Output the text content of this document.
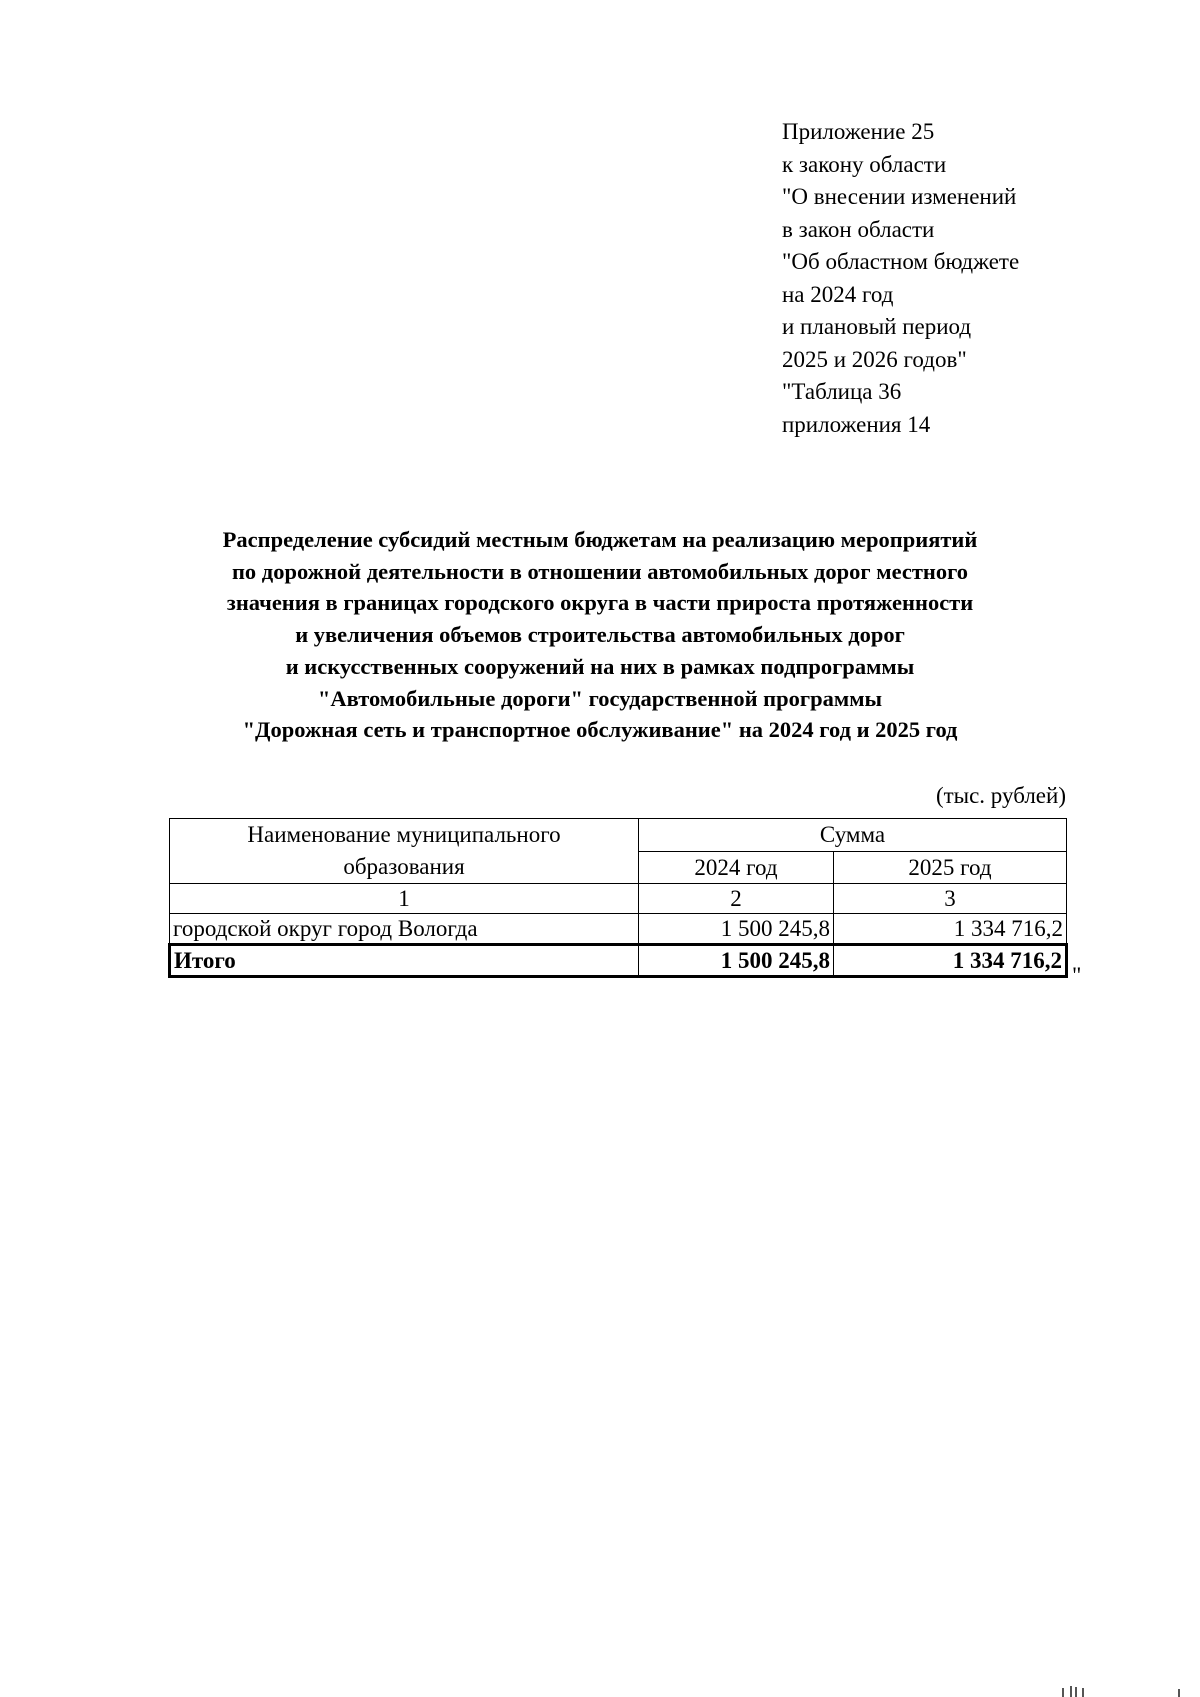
Приложение 25
к закону области
"О внесении изменений
в закон области
"Об областном бюджете
на 2024 год
и плановый период
2025 и 2026 годов"
"Таблица 36
приложения 14
Распределение субсидий местным бюджетам на реализацию мероприятий
по дорожной деятельности в отношении автомобильных дорог местного
значения в границах городского округа в части прироста протяженности
и увеличения объемов строительства автомобильных дорог
и искусственных сооружений на них в рамках подпрограммы
"Автомобильные дороги" государственной программы
"Дорожная сеть и транспортное обслуживание" на 2024 год и 2025 год
(тыс. рублей)
Наименование муниципального
образования	Сумма	
	2024 год	2025 год
1	2	3
городской округ город Вологда	1 500 245,8	1 334 716,2
Итого	1 500 245,8	1 334 716,2
"
